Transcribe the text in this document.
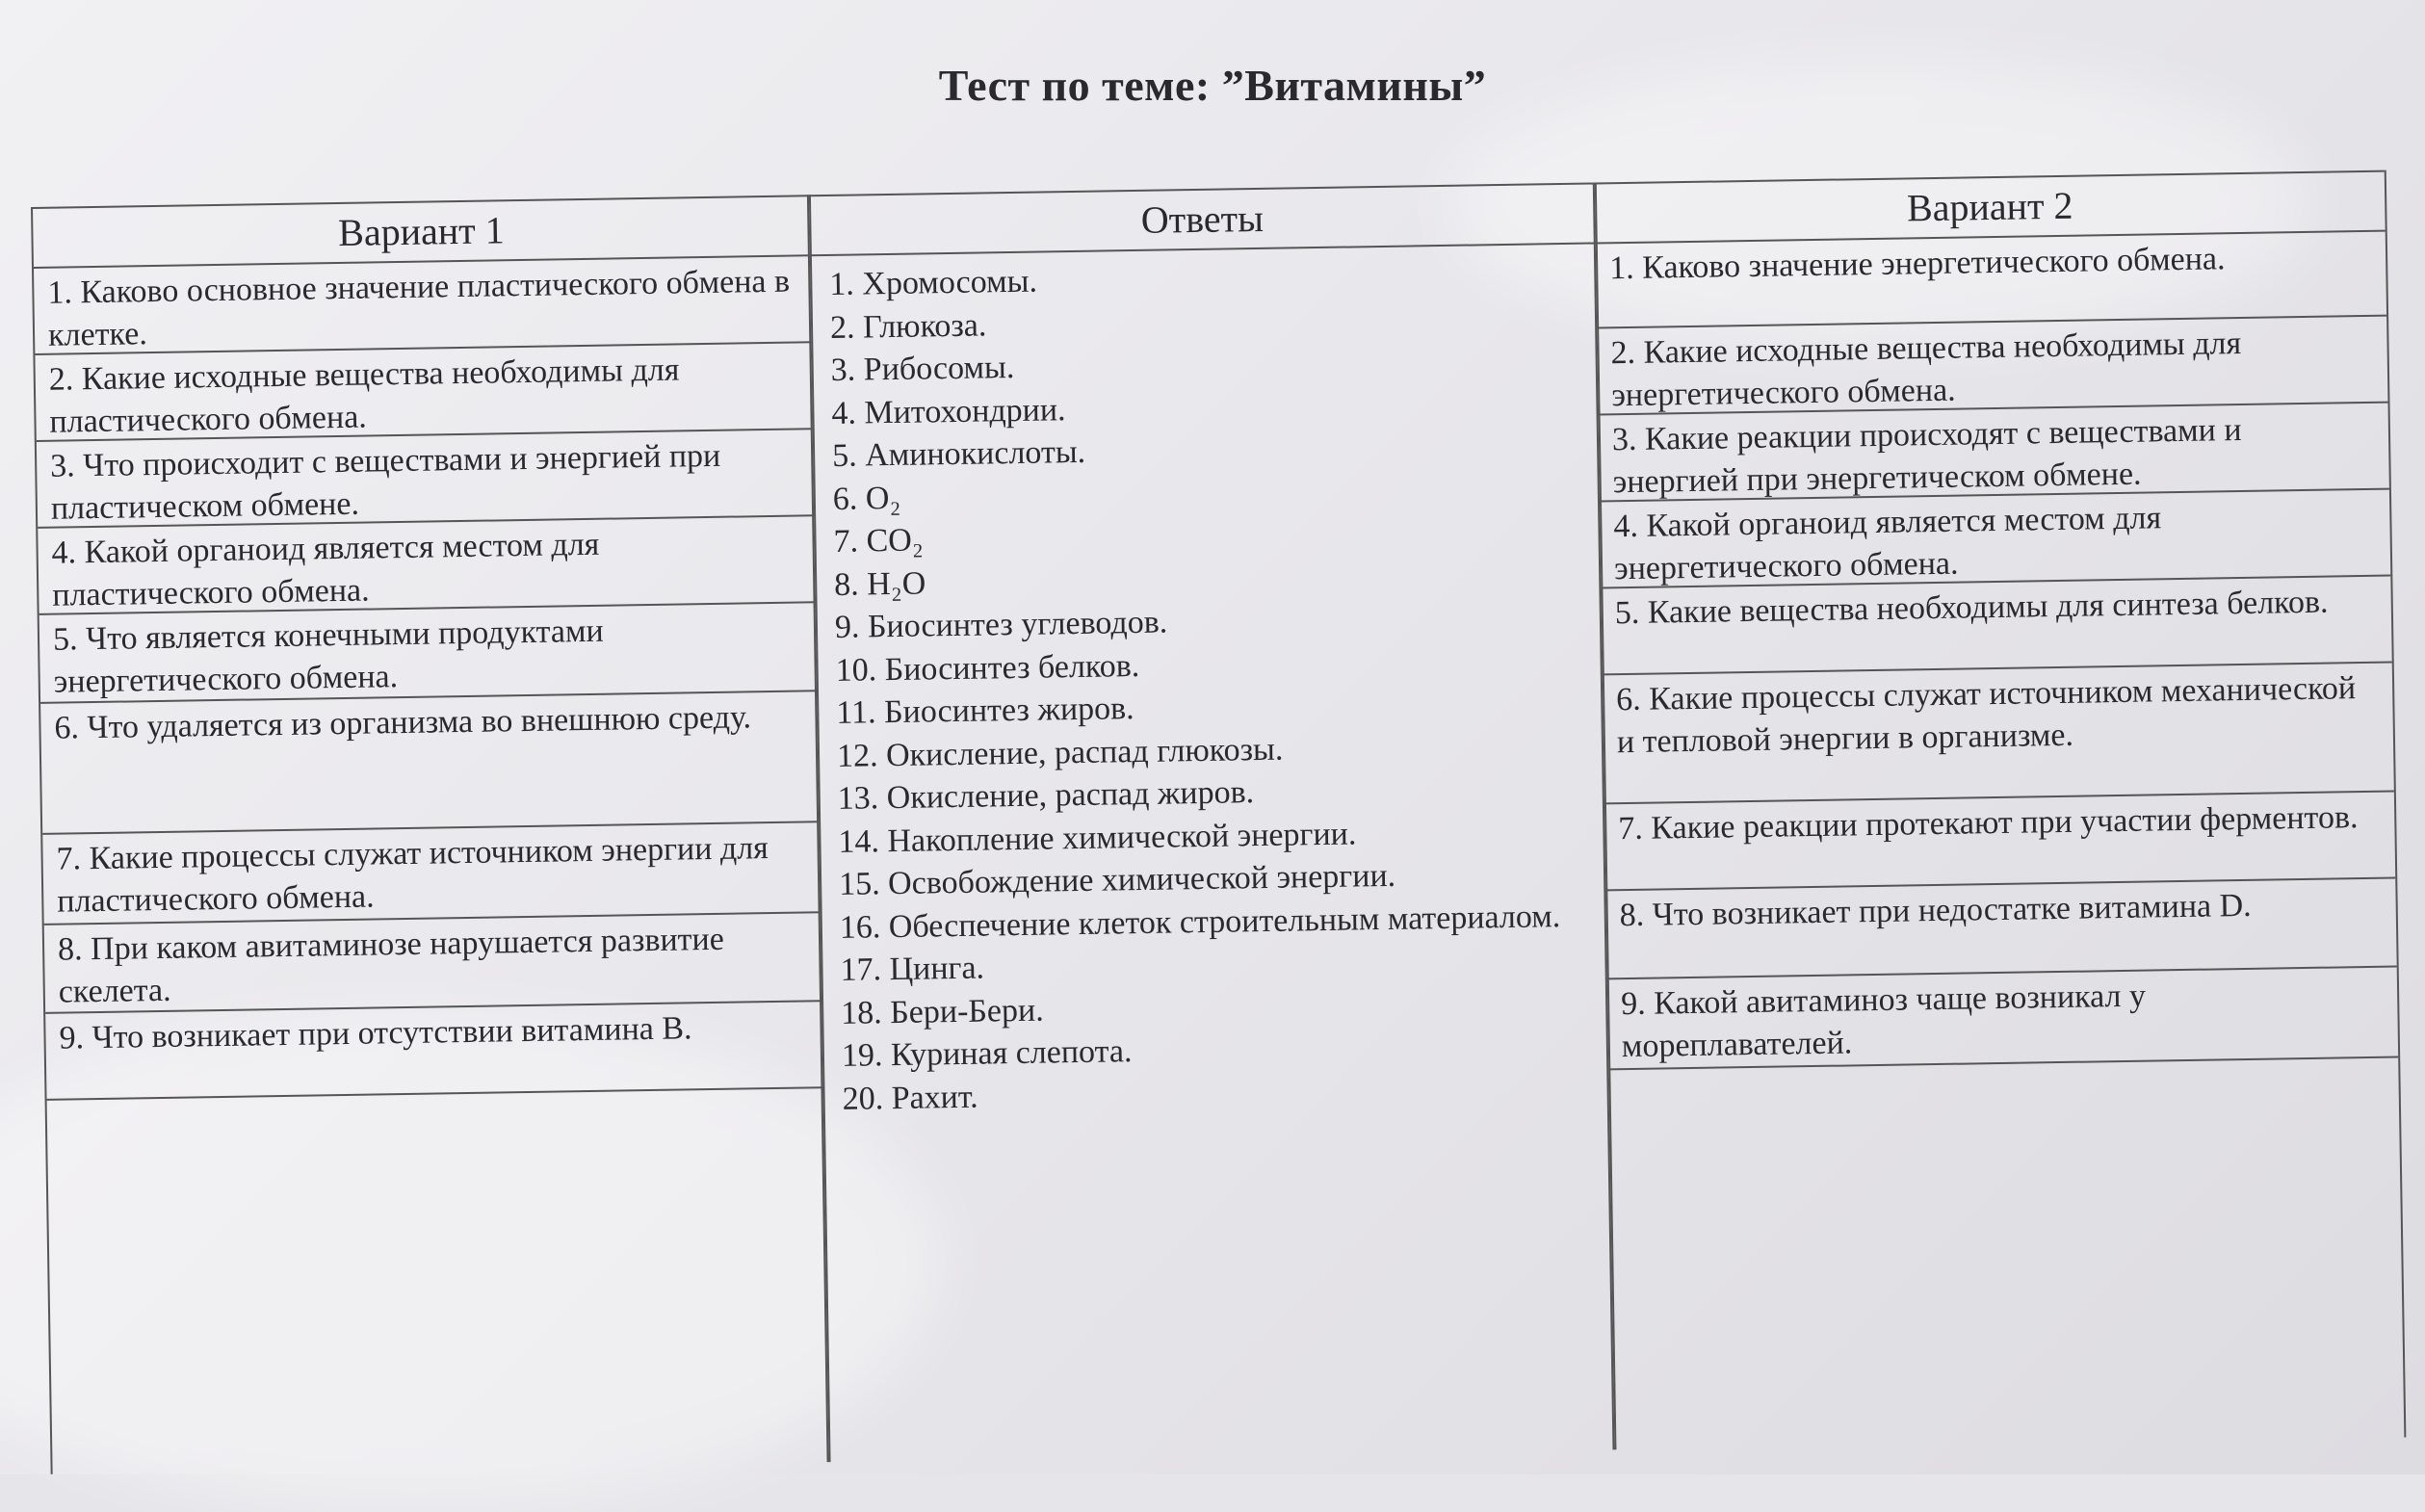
Тест по теме: ”Витамины”
Вариант 1
1. Каково основное значение пластического обмена в клетке.
2. Какие исходные вещества необходимы для пластического обмена.
3. Что происходит с веществами и энергией при пластическом обмене.
4. Какой органоид является местом для пластического обмена.
5. Что является конечными продуктами энергетического обмена.
6. Что удаляется из организма во внешнюю среду.
7. Какие процессы служат источником энергии для пластического обмена.
8. При каком авитаминозе нарушается развитие скелета.
9. Что возникает при отсутствии витамина В.
Ответы
1. Хромосомы.
2. Глюкоза.
3. Рибосомы.
4. Митохондрии.
5. Аминокислоты.
6. O₂
7. CO₂
8. H₂O
9. Биосинтез углеводов.
10. Биосинтез белков.
11. Биосинтез жиров.
12. Окисление, распад глюкозы.
13. Окисление, распад жиров.
14. Накопление химической энергии.
15. Освобождение химической энергии.
16. Обеспечение клеток строительным материалом.
17. Цинга.
18. Бери-Бери.
19. Куриная слепота.
20. Рахит.
Вариант 2
1. Каково значение энергетического обмена.
2. Какие исходные вещества необходимы для энергетического обмена.
3. Какие реакции происходят с веществами и энергией при энергетическом обмене.
4. Какой органоид является местом для энергетического обмена.
5. Какие вещества необходимы для синтеза белков.
6. Какие процессы служат источником механической и тепловой энергии в организме.
7. Какие реакции протекают при участии ферментов.
8. Что возникает при недостатке витамина D.
9. Какой авитаминоз чаще возникал у мореплавателей.
